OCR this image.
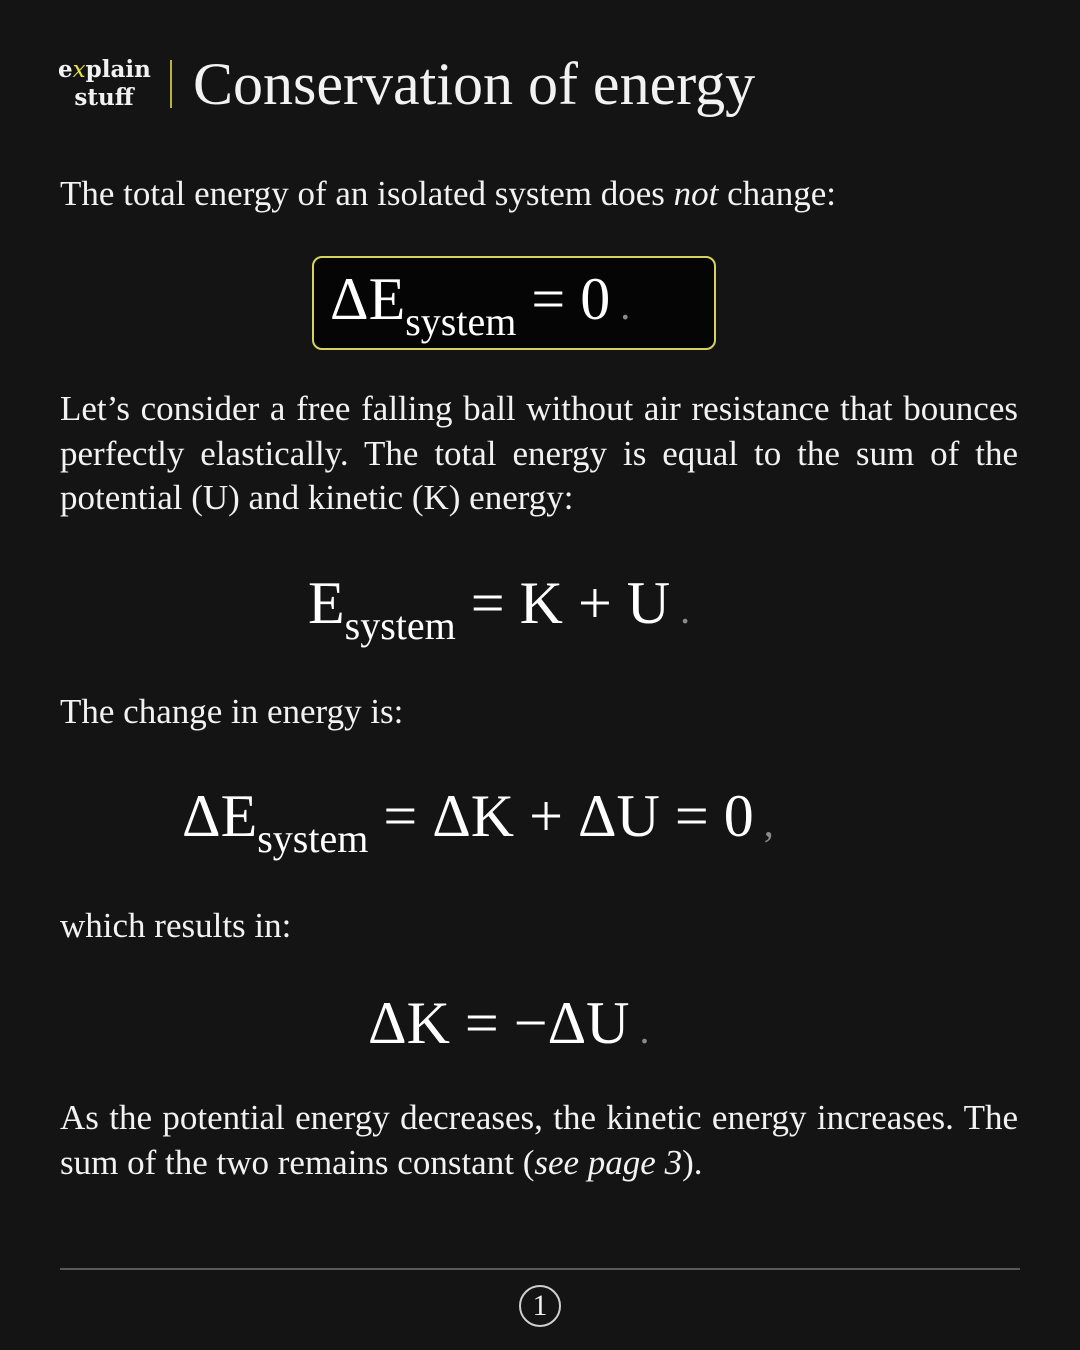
explain
stuff Conservation of energy

The total energy of an isolated system does not change:

$\Delta E_{system} = 0$ .

Let’s consider a free falling ball without air resistance that bounces perfectly elastically. The total energy is equal to the sum of the potential (U) and kinetic (K) energy:

$E_{system} = K + U$ .

The change in energy is:

$\Delta E_{system} = \Delta K + \Delta U = 0$ ,

which results in:

ΔK = −ΔU .

As the potential energy decreases, the kinetic energy increases. The sum of the two remains constant (see page 3).

1
